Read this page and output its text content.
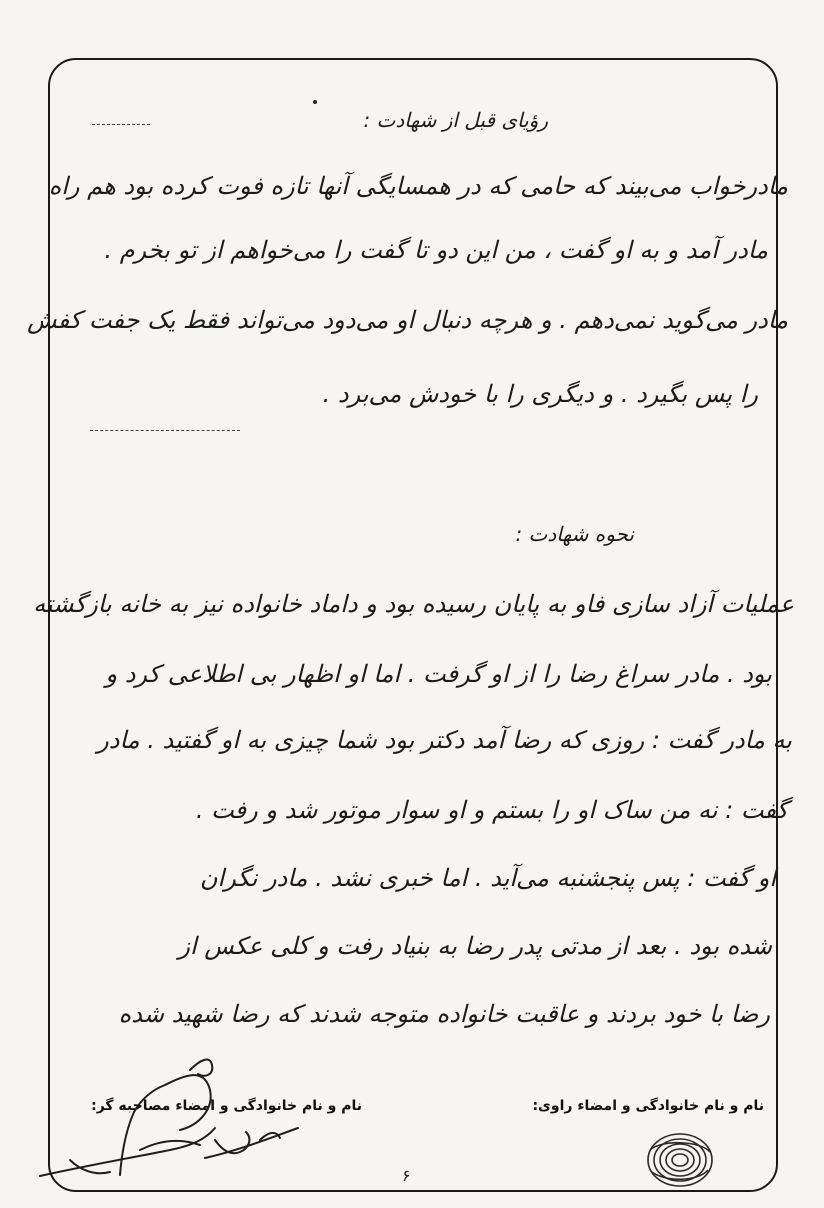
رؤیای قبل از شهادت :
مادرخواب می‌بیند که حامی که در همسایگی آنها تازه فوت کرده بود هم راه
مادر آمد و به او گفت ، من این دو تا گفت را می‌خواهم از تو بخرم .
مادر می‌گوید نمی‌دهم . و هرچه دنبال او می‌دود می‌تواند فقط یک جفت کفش
را پس بگیرد . و دیگری را با خودش می‌برد .
نحوه شهادت :
عملیات آزاد سازی فاو به پایان رسیده بود و داماد خانواده نیز به خانه بازگشته
بود . مادر سراغ رضا را از او گرفت . اما او اظهار بی اطلاعی کرد و
به مادر گفت : روزی که رضا آمد دکتر بود شما چیزی به او گفتید . مادر
گفت : نه من ساک او را بستم و او سوار موتور شد و رفت .
او گفت : پس پنجشنبه می‌آید . اما خبری نشد . مادر نگران
شده بود . بعد از مدتی پدر رضا به بنیاد رفت و کلی عکس از
رضا با خود بردند و عاقبت خانواده متوجه شدند که رضا شهید شده
نام و نام خانوادگی و امضاء راوی:
نام و نام خانوادگی و امضاء مصاحبه گر:
۶
